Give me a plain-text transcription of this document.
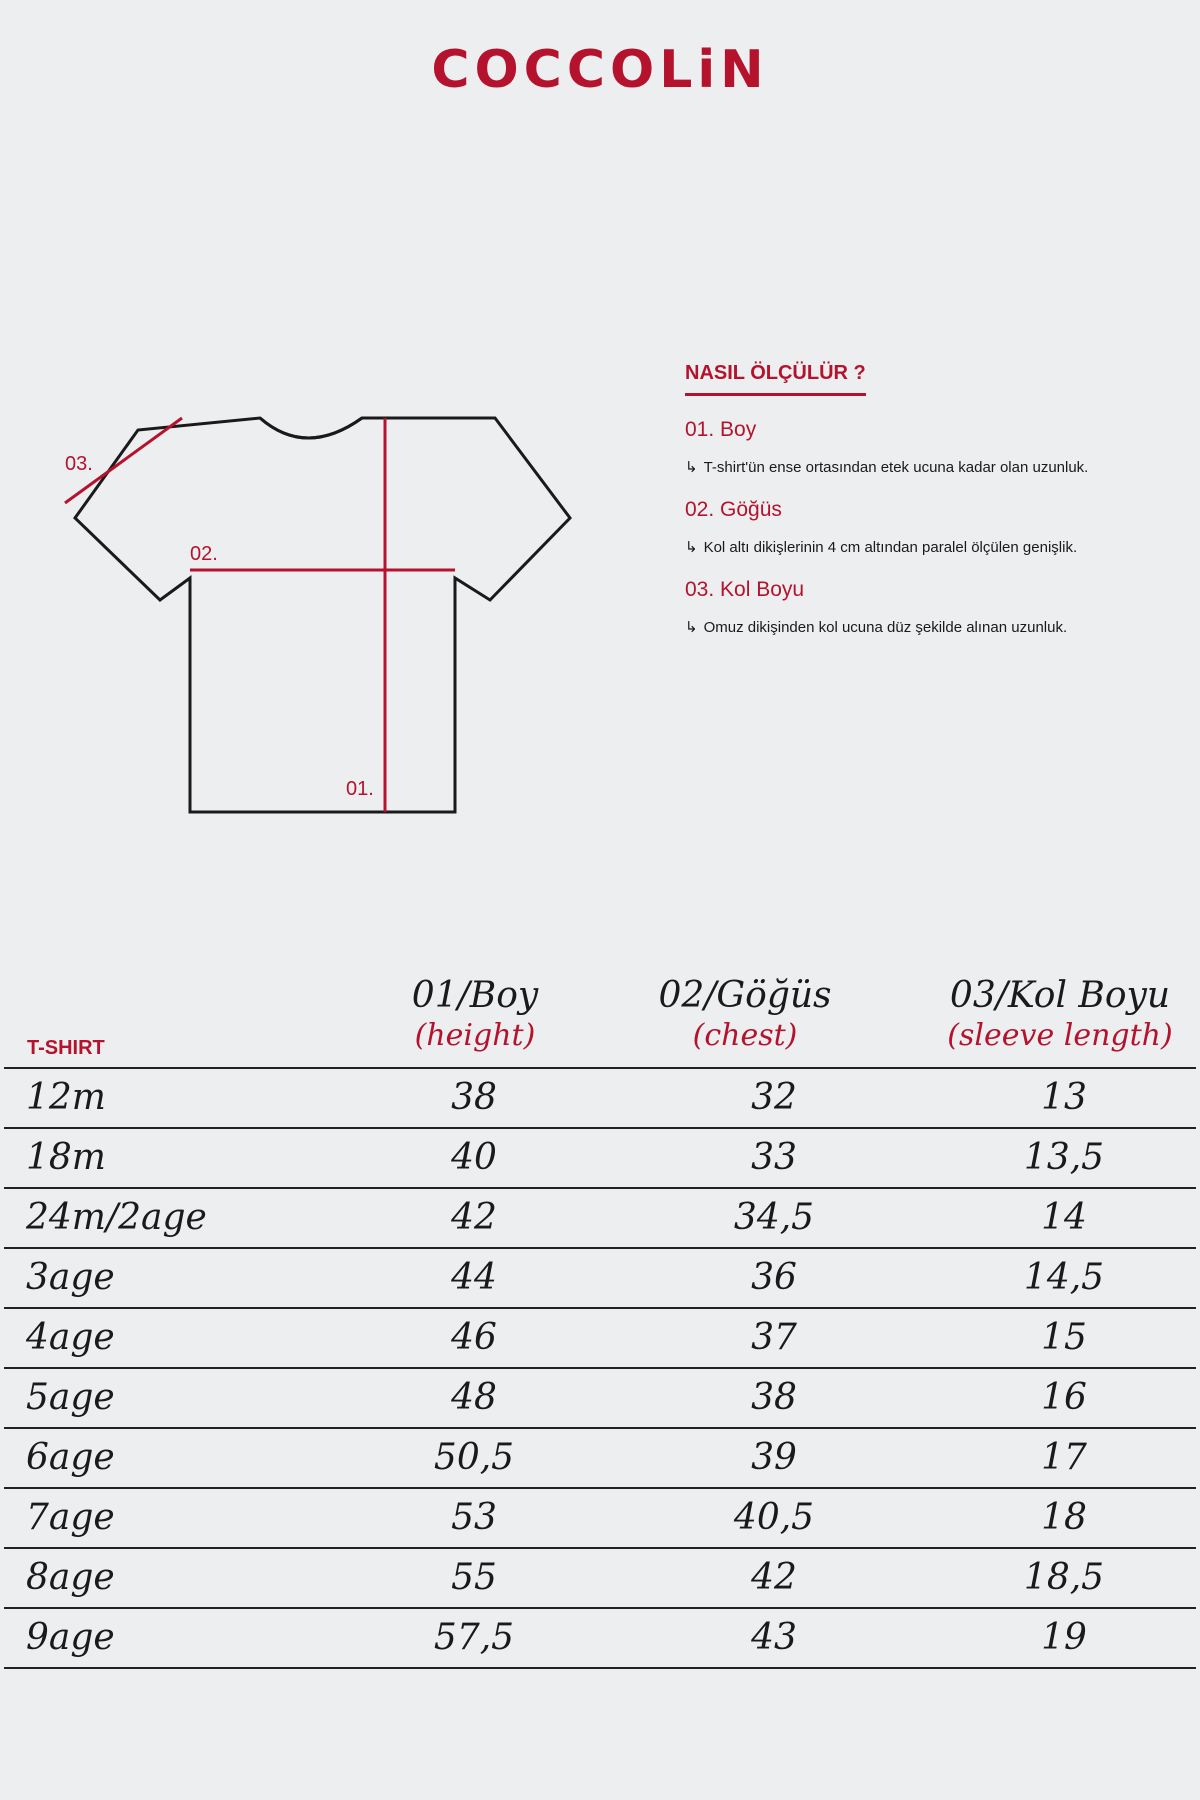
COCCOLiN
03.
02.
01.
NASIL ÖLÇÜLÜR ?
01. Boy
↳ T-shirt'ün ense ortasından etek ucuna kadar olan uzunluk.
02. Göğüs
↳ Kol altı dikişlerinin 4 cm altından paralel ölçülen genişlik.
03. Kol Boyu
↳ Omuz dikişinden kol ucuna düz şekilde alınan uzunluk.
T-SHIRT
01/Boy
(height)
02/Göğüs
(chest)
03/Kol Boyu
(sleeve length)
12m	38	32	13
18m	40	33	13,5
24m/2age	42	34,5	14
3age	44	36	14,5
4age	46	37	15
5age	48	38	16
6age	50,5	39	17
7age	53	40,5	18
8age	55	42	18,5
9age	57,5	43	19
